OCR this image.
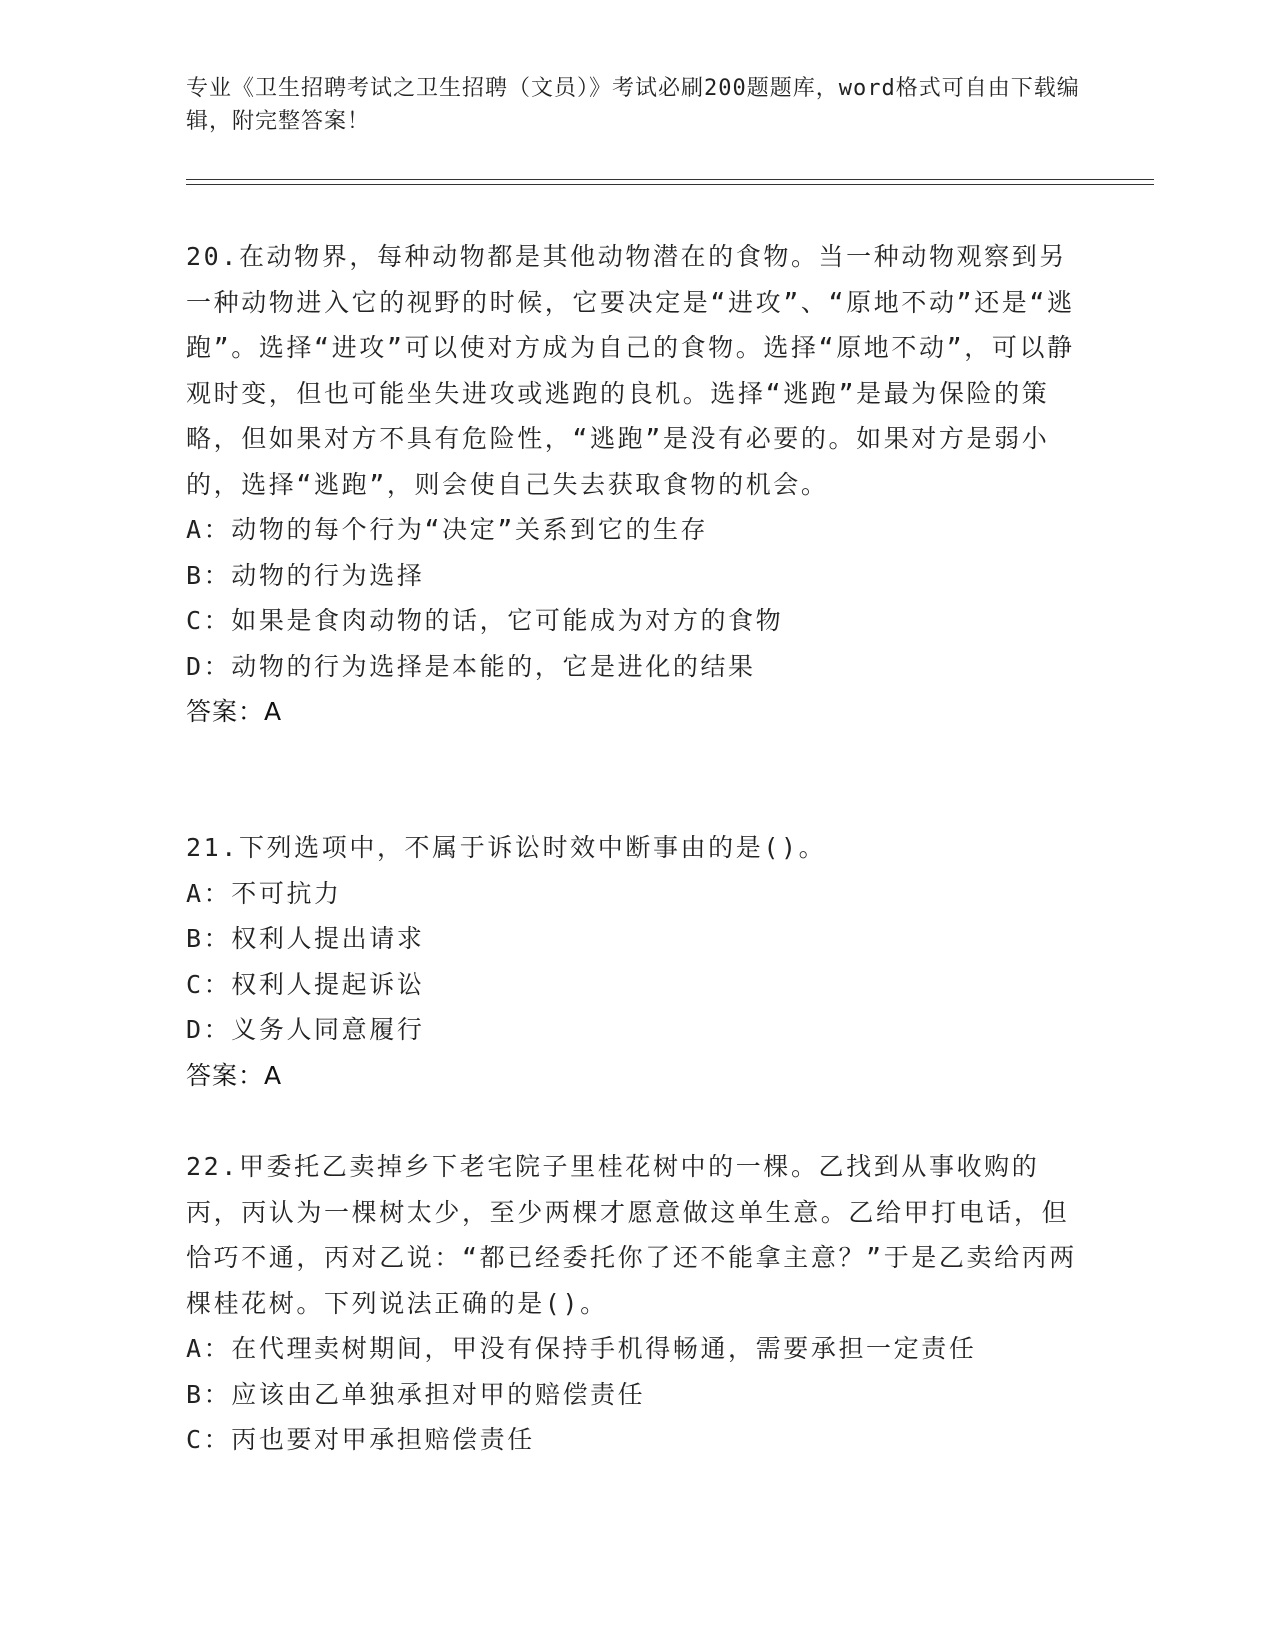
专业《卫生招聘考试之卫生招聘（文员）》考试必刷200题题库，word格式可自由下载编辑，附完整答案！

20.在动物界，每种动物都是其他动物潜在的食物。当一种动物观察到另一种动物进入它的视野的时候，它要决定是“进攻”、“原地不动”还是“逃跑”。选择“进攻”可以使对方成为自己的食物。选择“原地不动”，可以静观时变，但也可能坐失进攻或逃跑的良机。选择“逃跑”是最为保险的策略，但如果对方不具有危险性，“逃跑”是没有必要的。如果对方是弱小的，选择“逃跑”，则会使自己失去获取食物的机会。

A：动物的每个行为“决定”关系到它的生存

B：动物的行为选择

C：如果是食肉动物的话，它可能成为对方的食物

D：动物的行为选择是本能的，它是进化的结果

答案：A

21.下列选项中，不属于诉讼时效中断事由的是()。

A：不可抗力

B：权利人提出请求

C：权利人提起诉讼

D：义务人同意履行

答案：A

22.甲委托乙卖掉乡下老宅院子里桂花树中的一棵。乙找到从事收购的丙，丙认为一棵树太少，至少两棵才愿意做这单生意。乙给甲打电话，但恰巧不通，丙对乙说：“都已经委托你了还不能拿主意？”于是乙卖给丙两棵桂花树。下列说法正确的是()。

A：在代理卖树期间，甲没有保持手机得畅通，需要承担一定责任

B：应该由乙单独承担对甲的赔偿责任

C：丙也要对甲承担赔偿责任
